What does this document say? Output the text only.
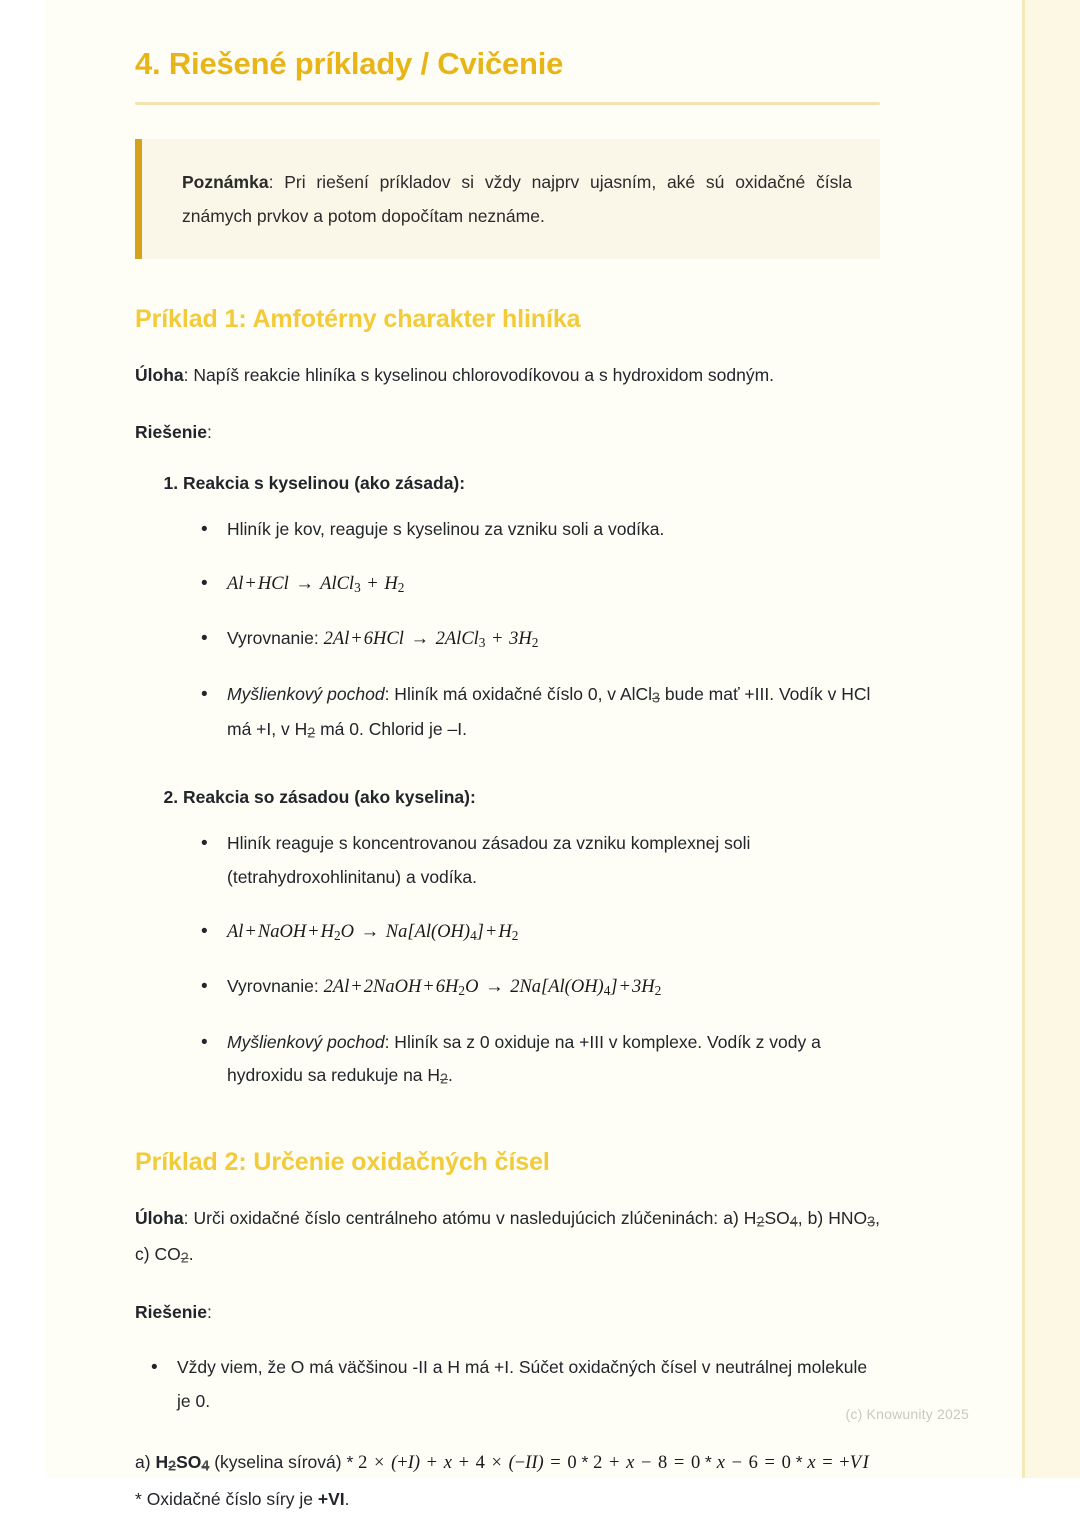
4. Riešené príklady / Cvičenie

Poznámka: Pri riešení príkladov si vždy najprv ujasním, aké sú oxidačné čísla známych prvkov a potom dopočítam neznáme.

Príklad 1: Amfotérny charakter hliníka

Úloha: Napíš reakcie hliníka s kyselinou chlorovodíkovou a s hydroxidom sodným.

Riešenie:

1. Reakcia s kyselinou (ako zásada):
• Hliník je kov, reaguje s kyselinou za vzniku soli a vodíka.
• Al + HCl → AlCl$_3$ + $H_2$
• Vyrovnanie: 2Al + 6HCl → 2AlCl$_3$ + $3H_2$
• Myšlienkový pochod: Hliník má oxidačné číslo 0, v AlCl3 bude mať +III. Vodík v HCl má +I, v H2 má 0. Chlorid je –I.
2. Reakcia so zásadou (ako kyselina):
• Hliník reaguje s koncentrovanou zásadou za vzniku komplexnej soli (tetrahydroxohlinitanu) a vodíka.
• Al + NaOH + $H_2O \to Na[Al(OH)_4] + H_2$
• Vyrovnanie: 2Al + 2NaOH + $6H_2O \to 2Na[Al(OH)_4] + 3H_2$
• Myšlienkový pochod: Hliník sa z 0 oxiduje na +III v komplexe. Vodík z vody a hydroxidu sa redukuje na H2.
Príklad 2: Určenie oxidačných čísel

Úloha: Urči oxidačné číslo centrálneho atómu v nasledujúcich zlúčeninách: a) H2SO4, b) HNO3, c) CO2.

Riešenie:

• Vždy viem, že O má väčšinou -II a H má +I. Súčet oxidačných čísel v neutrálnej molekule je 0.

a) H2SO4 (kyselina sírová) * 2 × (+I) + x + 4 × (−II) = 0 * 2 + x − 8 = 0 * x − 6 = 0 * x = +V I * Oxidačné číslo síry je +VI.

(c) Knowunity 2025
